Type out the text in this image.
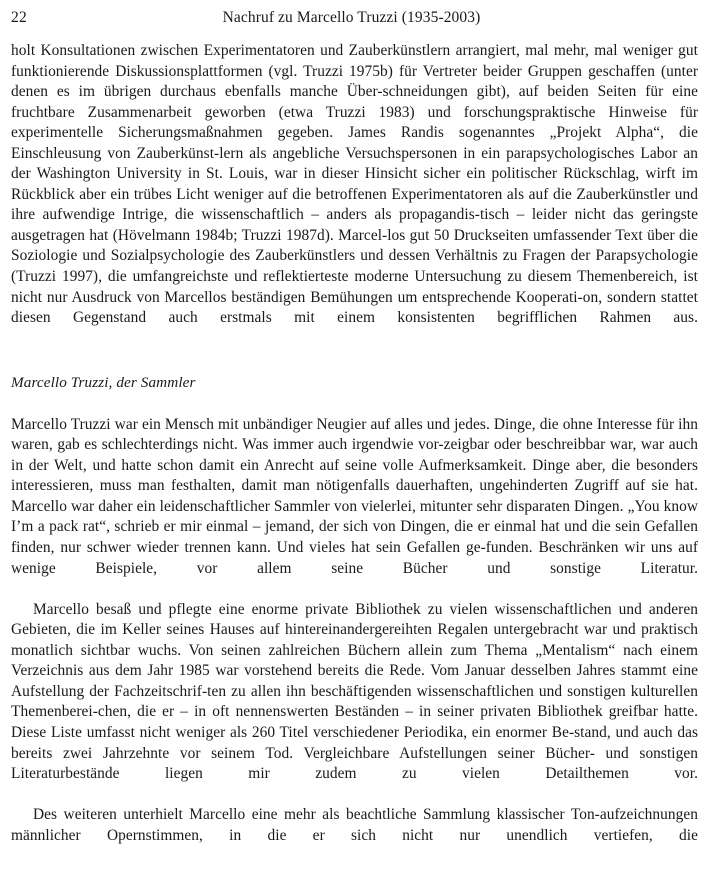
22	Nachruf zu Marcello Truzzi (1935-2003)

holt Konsultationen zwischen Experimentatoren und Zauberkünstlern arrangiert, mal mehr, mal weniger gut funktionierende Diskussionsplattformen (vgl. Truzzi 1975b) für Vertreter beider Gruppen geschaffen (unter denen es im übrigen durchaus ebenfalls manche Über-schneidungen gibt), auf beiden Seiten für eine fruchtbare Zusammenarbeit geworben (etwa Truzzi 1983) und forschungspraktische Hinweise für experimentelle Sicherungsmaßnahmen gegeben. James Randis sogenanntes „Projekt Alpha“, die Einschleusung von Zauberkünst-lern als angebliche Versuchspersonen in ein parapsychologisches Labor an der Washington University in St. Louis, war in dieser Hinsicht sicher ein politischer Rückschlag, wirft im Rückblick aber ein trübes Licht weniger auf die betroffenen Experimentatoren als auf die Zauberkünstler und ihre aufwendige Intrige, die wissenschaftlich – anders als propagandis-tisch – leider nicht das geringste ausgetragen hat (Hövelmann 1984b; Truzzi 1987d). Marcel-los gut 50 Druckseiten umfassender Text über die Soziologie und Sozialpsychologie des Zauberkünstlers und dessen Verhältnis zu Fragen der Parapsychologie (Truzzi 1997), die umfangreichste und reflektierteste moderne Untersuchung zu diesem Themenbereich, ist nicht nur Ausdruck von Marcellos beständigen Bemühungen um entsprechende Kooperati-on, sondern stattet diesen Gegenstand auch erstmals mit einem konsistenten begrifflichen Rahmen aus.

Marcello Truzzi, der Sammler

Marcello Truzzi war ein Mensch mit unbändiger Neugier auf alles und jedes. Dinge, die ohne Interesse für ihn waren, gab es schlechterdings nicht. Was immer auch irgendwie vor-zeigbar oder beschreibbar war, war auch in der Welt, und hatte schon damit ein Anrecht auf seine volle Aufmerksamkeit. Dinge aber, die besonders interessieren, muss man festhalten, damit man nötigenfalls dauerhaften, ungehinderten Zugriff auf sie hat. Marcello war daher ein leidenschaftlicher Sammler von vielerlei, mitunter sehr disparaten Dingen. „You know I’m a pack rat“, schrieb er mir einmal – jemand, der sich von Dingen, die er einmal hat und die sein Gefallen finden, nur schwer wieder trennen kann. Und vieles hat sein Gefallen ge-funden. Beschränken wir uns auf wenige Beispiele, vor allem seine Bücher und sonstige Literatur.

Marcello besaß und pflegte eine enorme private Bibliothek zu vielen wissenschaftlichen und anderen Gebieten, die im Keller seines Hauses auf hintereinandergereihten Regalen untergebracht war und praktisch monatlich sichtbar wuchs. Von seinen zahlreichen Büchern allein zum Thema „Mentalism“ nach einem Verzeichnis aus dem Jahr 1985 war vorstehend bereits die Rede. Vom Januar desselben Jahres stammt eine Aufstellung der Fachzeitschrif-ten zu allen ihn beschäftigenden wissenschaftlichen und sonstigen kulturellen Themenberei-chen, die er – in oft nennenswerten Beständen – in seiner privaten Bibliothek greifbar hatte. Diese Liste umfasst nicht weniger als 260 Titel verschiedener Periodika, ein enormer Be-stand, und auch das bereits zwei Jahrzehnte vor seinem Tod. Vergleichbare Aufstellungen seiner Bücher- und sonstigen Literaturbestände liegen mir zudem zu vielen Detailthemen vor.

Des weiteren unterhielt Marcello eine mehr als beachtliche Sammlung klassischer Ton-aufzeichnungen männlicher Opernstimmen, in die er sich nicht nur unendlich vertiefen, die
